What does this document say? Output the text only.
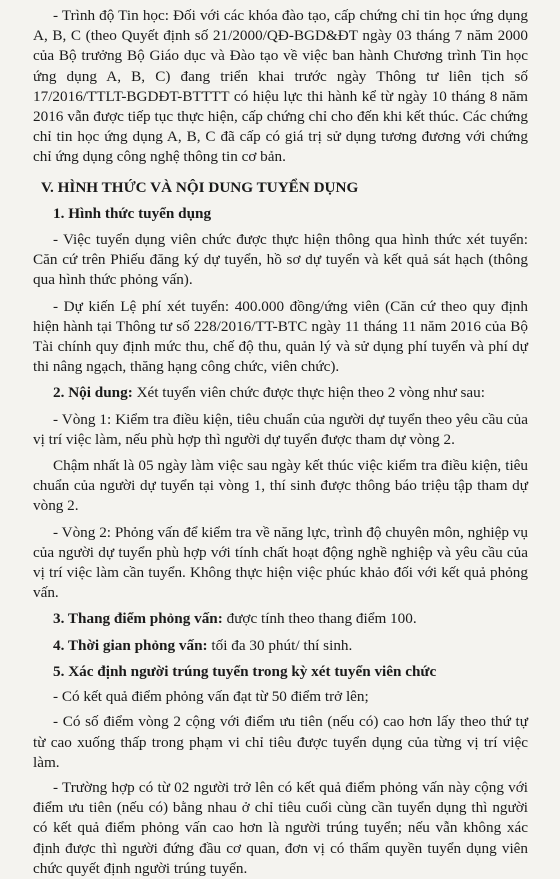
- Trình độ Tin học: Đối với các khóa đào tạo, cấp chứng chỉ tin học ứng dụng A, B, C (theo Quyết định số 21/2000/QĐ-BGD&ĐT ngày 03 tháng 7 năm 2000 của Bộ trưởng Bộ Giáo dục và Đào tạo về việc ban hành Chương trình Tin học ứng dụng A, B, C) đang triển khai trước ngày Thông tư liên tịch số 17/2016/TTLT-BGDĐT-BTTTT có hiệu lực thi hành kể từ ngày 10 tháng 8 năm 2016 vẫn được tiếp tục thực hiện, cấp chứng chỉ cho đến khi kết thúc. Các chứng chỉ tin học ứng dụng A, B, C đã cấp có giá trị sử dụng tương đương với chứng chỉ ứng dụng công nghệ thông tin cơ bản.

V. HÌNH THỨC VÀ NỘI DUNG TUYỂN DỤNG

1. Hình thức tuyển dụng

- Việc tuyển dụng viên chức được thực hiện thông qua hình thức xét tuyển: Căn cứ trên Phiếu đăng ký dự tuyển, hồ sơ dự tuyển và kết quả sát hạch (thông qua hình thức phỏng vấn).

- Dự kiến Lệ phí xét tuyển: 400.000 đồng/ứng viên (Căn cứ theo quy định hiện hành tại Thông tư số 228/2016/TT-BTC ngày 11 tháng 11 năm 2016 của Bộ Tài chính quy định mức thu, chế độ thu, quản lý và sử dụng phí tuyển và phí dự thi nâng ngạch, thăng hạng công chức, viên chức).

2. Nội dung: Xét tuyển viên chức được thực hiện theo 2 vòng như sau:

- Vòng 1: Kiểm tra điều kiện, tiêu chuẩn của người dự tuyển theo yêu cầu của vị trí việc làm, nếu phù hợp thì người dự tuyển được tham dự vòng 2.

Chậm nhất là 05 ngày làm việc sau ngày kết thúc việc kiểm tra điều kiện, tiêu chuẩn của người dự tuyển tại vòng 1, thí sinh được thông báo triệu tập tham dự vòng 2.

- Vòng 2: Phỏng vấn để kiểm tra về năng lực, trình độ chuyên môn, nghiệp vụ của người dự tuyển phù hợp với tính chất hoạt động nghề nghiệp và yêu cầu của vị trí việc làm cần tuyển. Không thực hiện việc phúc khảo đối với kết quả phỏng vấn.

3. Thang điểm phỏng vấn: được tính theo thang điểm 100.

4. Thời gian phỏng vấn: tối đa 30 phút/ thí sinh.

5. Xác định người trúng tuyển trong kỳ xét tuyển viên chức

- Có kết quả điểm phỏng vấn đạt từ 50 điểm trở lên;

- Có số điểm vòng 2 cộng với điểm ưu tiên (nếu có) cao hơn lấy theo thứ tự từ cao xuống thấp trong phạm vi chỉ tiêu được tuyển dụng của từng vị trí việc làm.

- Trường hợp có từ 02 người trở lên có kết quả điểm phỏng vấn này cộng với điểm ưu tiên (nếu có) bằng nhau ở chỉ tiêu cuối cùng cần tuyển dụng thì người có kết quả điểm phỏng vấn cao hơn là người trúng tuyển; nếu vẫn không xác định được thì người đứng đầu cơ quan, đơn vị có thẩm quyền tuyển dụng viên chức quyết định người trúng tuyển.
